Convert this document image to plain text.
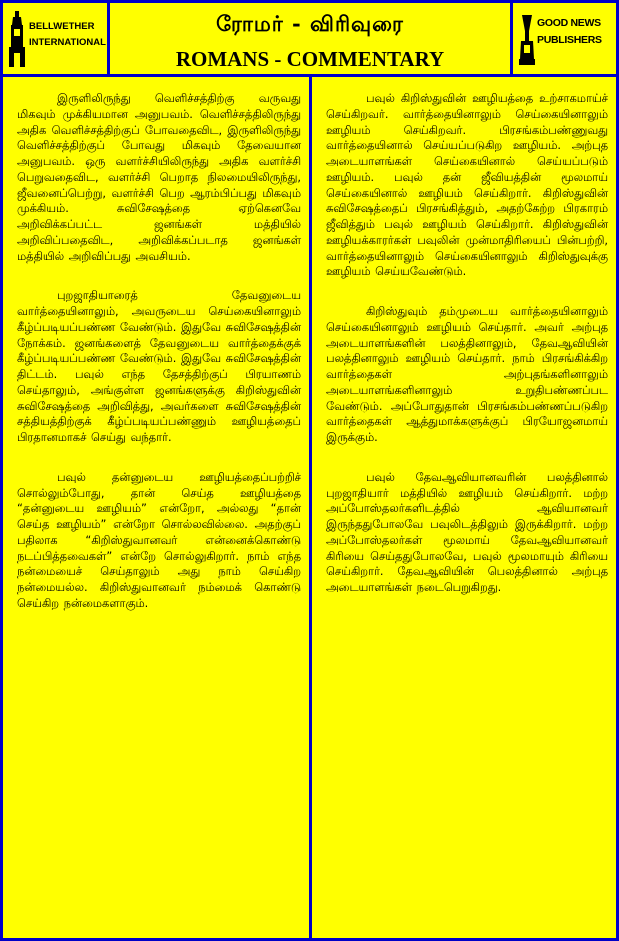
BELLWETHER
INTERNATIONAL
ரோமர் - விரிவுரை
ROMANS - COMMENTARY
GOOD NEWS
PUBLISHERS

இருளிலிருந்து வெளிச்சத்திற்கு வருவது மிகவும் முக்கியமான அனுபவம். வெளிச்சத்திலிருந்து அதிக வெளிச்சத்திற்குப் போவதைவிட, இருளிலிருந்து வெளிச்சத்திற்குப் போவது மிகவும் தேவையான அனுபவம். ஒரு வளர்ச்சியிலிருந்து அதிக வளர்ச்சி பெறுவதைவிட, வளர்ச்சி பெறாத நிலமையிலிருந்து, ஜீவனைப்பெற்று, வளர்ச்சி பெற ஆரம்பிப்பது மிகவும் முக்கியம். சுவிசேஷத்தை ஏற்கெனவே அறிவிக்கப்பட்ட ஜனங்கள் மத்தியில் அறிவிப்பதைவிட, அறிவிக்கப்படாத ஜனங்கள் மத்தியில் அறிவிப்பது அவசியம்.

புறஜாதியாரைத் தேவனுடைய வார்த்தையினாலும், அவருடைய செய்கையினாலும் கீழ்ப்படியப்பண்ண வேண்டும். இதுவே சுவிசேஷத்தின் நோக்கம். ஜனங்களைத் தேவனுடைய வார்த்தைக்குக் கீழ்ப்படியப்பண்ண வேண்டும். இதுவே சுவிசேஷத்தின் திட்டம். பவுல் எந்த தேசத்திற்குப் பிரயாணம் செய்தாலும், அங்குள்ள ஜனங்களுக்கு கிறிஸ்துவின் சுவிசேஷத்தை அறிவித்து, அவர்களை சுவிசேஷத்தின் சத்தியத்திற்குக் கீழ்ப்படியப்பண்ணும் ஊழியத்தைப் பிரதானமாகச் செய்து வந்தார்.

பவுல் தன்னுடைய ஊழியத்தைப்பற்றிச் சொல்லும்போது, தான் செய்த ஊழியத்தை “தன்னுடைய ஊழியம்” என்றோ, அல்லது “தான் செய்த ஊழியம்” என்றோ சொல்லவில்லை. அதற்குப் பதிலாக “கிறிஸ்துவானவர் என்னைக்கொண்டு நடப்பித்தவைகள்” என்றே சொல்லுகிறார். நாம் எந்த நன்மையைச் செய்தாலும் அது நாம் செய்கிற நன்மையல்ல. கிறிஸ்துவானவர் நம்மைக் கொண்டு செய்கிற நன்மைகளாகும்.

பவுல் கிறிஸ்துவின் ஊழியத்தை உற்சாகமாய்ச் செய்கிறவர். வார்த்தையினாலும் செய்கையினாலும் ஊழியம் செய்கிறவர். பிரசங்கம்பண்ணுவது வார்த்தையினால் செய்யப்படுகிற ஊழியம். அற்புத அடையாளங்கள் செய்கையினால் செய்யப்படும் ஊழியம். பவுல் தன் ஜீவியத்தின் மூலமாய் செய்கையினால் ஊழியம் செய்கிறார். கிறிஸ்துவின் சுவிசேஷத்தைப் பிரசங்கித்தும், அதற்கேற்ற பிரகாரம் ஜீவித்தும் பவுல் ஊழியம் செய்கிறார். கிறிஸ்துவின் ஊழியக்காரர்கள் பவுலின் முன்மாதிரியைப் பின்பற்றி, வார்த்தையினாலும் செய்கையினாலும் கிறிஸ்துவுக்கு ஊழியம் செய்யவேண்டும்.

கிறிஸ்துவும் தம்முடைய வார்த்தையினாலும் செய்கையினாலும் ஊழியம் செய்தார். அவர் அற்புத அடையாளங்களின் பலத்தினாலும், தேவஆவியின் பலத்தினாலும் ஊழியம் செய்தார். நாம் பிரசங்கிக்கிற வார்த்தைகள் அற்புதங்களினாலும் அடையாளங்களினாலும் உறுதிபண்ணப்பட வேண்டும். அப்போதுதான் பிரசங்கம்பண்ணப்படுகிற வார்த்தைகள் ஆத்துமாக்களுக்குப் பிரயோஜனமாய் இருக்கும்.

பவுல் தேவஆவியானவரின் பலத்தினால் புறஜாதியார் மத்தியில் ஊழியம் செய்கிறார். மற்ற அப்போஸ்தலர்களிடத்தில் ஆவியானவர் இருந்ததுபோலவே பவுலிடத்திலும் இருக்கிறார். மற்ற அப்போஸ்தலர்கள் மூலமாய் தேவஆவியானவர் கிரியை செய்ததுபோலவே, பவுல் மூலமாயும் கிரியை செய்கிறார். தேவஆவியின் பெலத்தினால் அற்புத அடையாளங்கள் நடைபெறுகிறது.
